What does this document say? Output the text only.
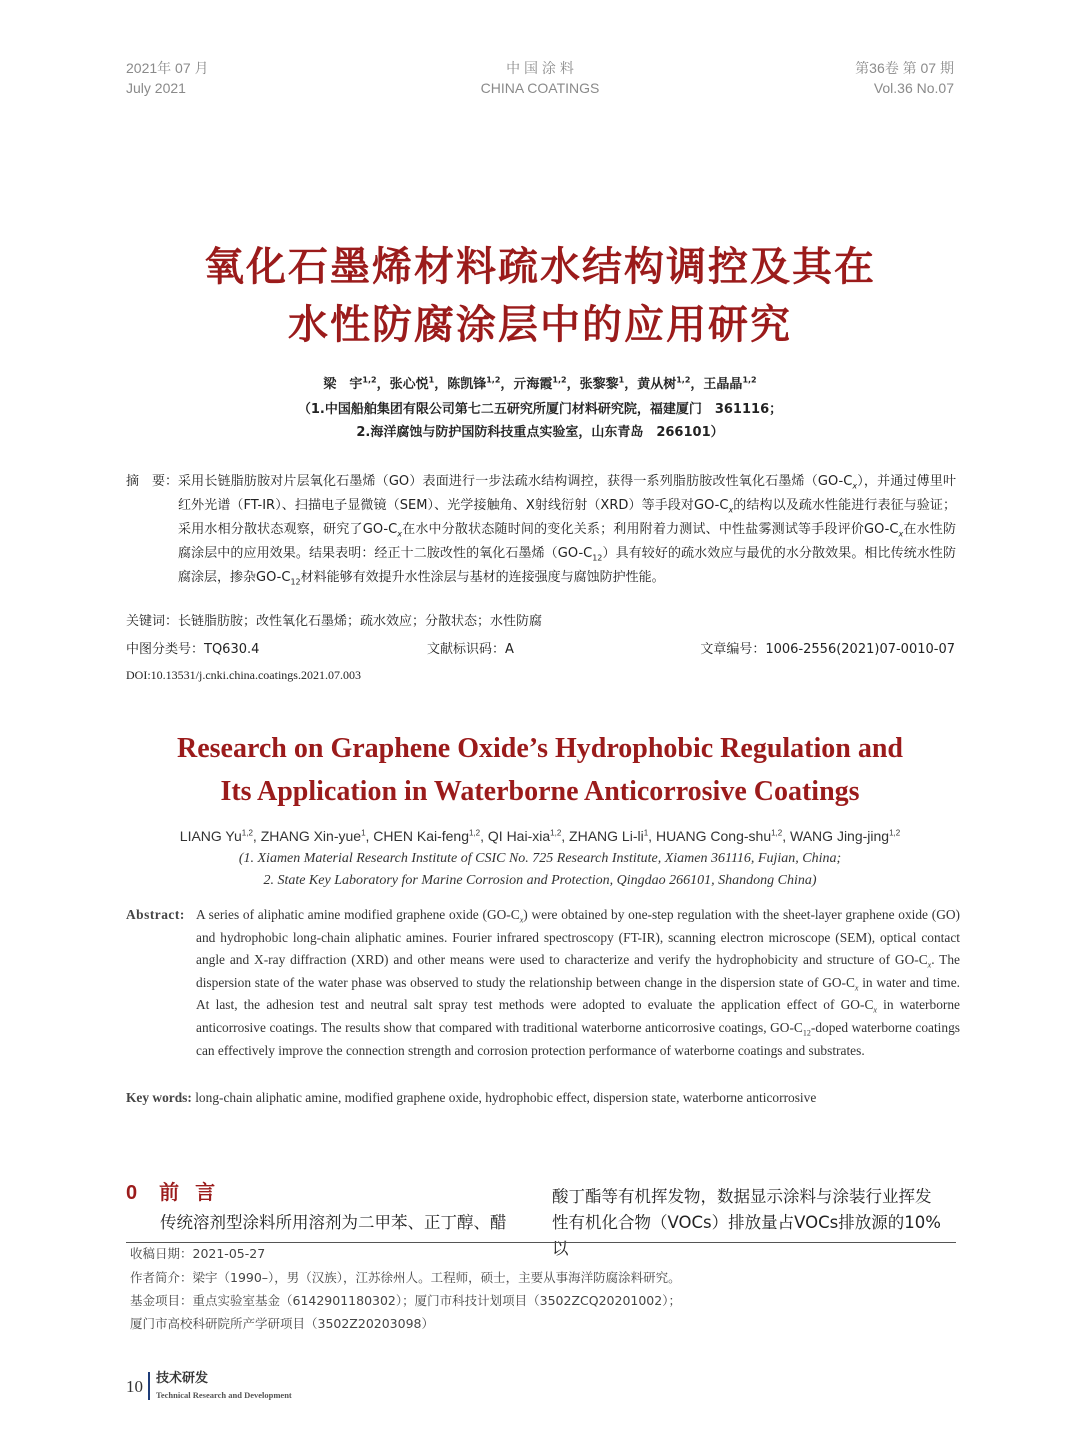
2021年 07 月
July 2021
中 国 涂 料
CHINA COATINGS
第36卷 第 07 期
Vol.36 No.07
氧化石墨烯材料疏水结构调控及其在
水性防腐涂层中的应用研究
梁　宇$^{1,2}$，张心悦$^1$，陈凯锋$^{1,2}$，亓海霞$^{1,2}$，张黎黎$^1$，黄从树$^{1,2}$，王晶晶$^{1,2}$
（1.中国船舶集团有限公司第七二五研究所厦门材料研究院，福建厦门　361116；
2.海洋腐蚀与防护国防科技重点实验室，山东青岛　266101）
摘　要： 采用长链脂肪胺对片层氧化石墨烯（GO）表面进行一步法疏水结构调控，获得一系列脂肪胺改性氧化石墨烯$(GO-C_x)$，并通过傅里叶红外光谱（FT-IR）、扫描电子显微镜（SEM）、光学接触角、X射线衍射（XRD）等手段对$GO-C_x$的结构以及疏水性能进行表征与验证；采用水相分散状态观察，研究了$GO-C_x$在水中分散状态随时间的变化关系；利用附着力测试、中性盐雾测试等手段评价$GO-C_x$在水性防腐涂层中的应用效果。结果表明：经正十二胺改性的氧化石墨烯$(GO-C_{12})$具有较好的疏水效应与最优的水分散效果。相比传统水性防腐涂层，掺杂$GO-C_{12}$材料能够有效提升水性涂层与基材的连接强度与腐蚀防护性能。
关键词：长链脂肪胺；改性氧化石墨烯；疏水效应；分散状态；水性防腐
中图分类号：TQ630.4	文献标识码：A	文章编号：1006-2556(2021)07-0010-07
DOI:10.13531/j.cnki.china.coatings.2021.07.003
Research on Graphene Oxide’s Hydrophobic Regulation and
Its Application in Waterborne Anticorrosive Coatings
LIANG Yu$^{1,2}$, ZHANG Xin-yue$^1$, CHEN Kai-feng$^{1,2}$, QI Hai-xia$^{1,2}$, ZHANG $Li-li^1$, HUANG Cong-shu$^{1,2}$, WANG Jing-jing$^{1,2}$
(1. Xiamen Material Research Institute of CSIC No. 725 Research Institute, Xiamen 361116, Fujian, China;
2. State Key Laboratory for Marine Corrosion and Protection, Qingdao 266101, Shandong China)
Abstract: A series of aliphatic amine modified graphene oxide $(GO-C_x)$ were obtained by one-step regulation with the sheet-layer graphene oxide (GO) and hydrophobic long-chain aliphatic amines. Fourier infrared spectroscopy (FT-IR), scanning electron microscope (SEM), optical contact angle and X-ray diffraction (XRD) and other means were used to characterize and verify the hydrophobicity and structure of $GO-C_x$. The dispersion state of the water phase was observed to study the relationship between change in the dispersion state of $GO-C_x$ in water and time. At last, the adhesion test and neutral salt spray test methods were adopted to evaluate the application effect of $GO-C_x$ in waterborne anticorrosive coatings. The results show that compared with traditional waterborne anticorrosive coatings, $GO-C_{12}$-doped waterborne coatings can effectively improve the connection strength and corrosion protection performance of waterborne coatings and substrates.
Key words: long-chain aliphatic amine, modified graphene oxide, hydrophobic effect, dispersion state, waterborne anticorrosive
0 前言
传统溶剂型涂料所用溶剂为二甲苯、正丁醇、醋
酸丁酯等有机挥发物，数据显示涂料与涂装行业挥发
性有机化合物（VOCs）排放量占VOCs排放源的10%以
收稿日期：2021-05-27
作者简介：梁宇（1990–），男（汉族），江苏徐州人。工程师，硕士，主要从事海洋防腐涂料研究。
基金项目：重点实验室基金（6142901180302）；厦门市科技计划项目（3502ZCQ20201002）；
厦门市高校科研院所产学研项目（3502Z20203098）
10 技术研发
Technical Research and Development
